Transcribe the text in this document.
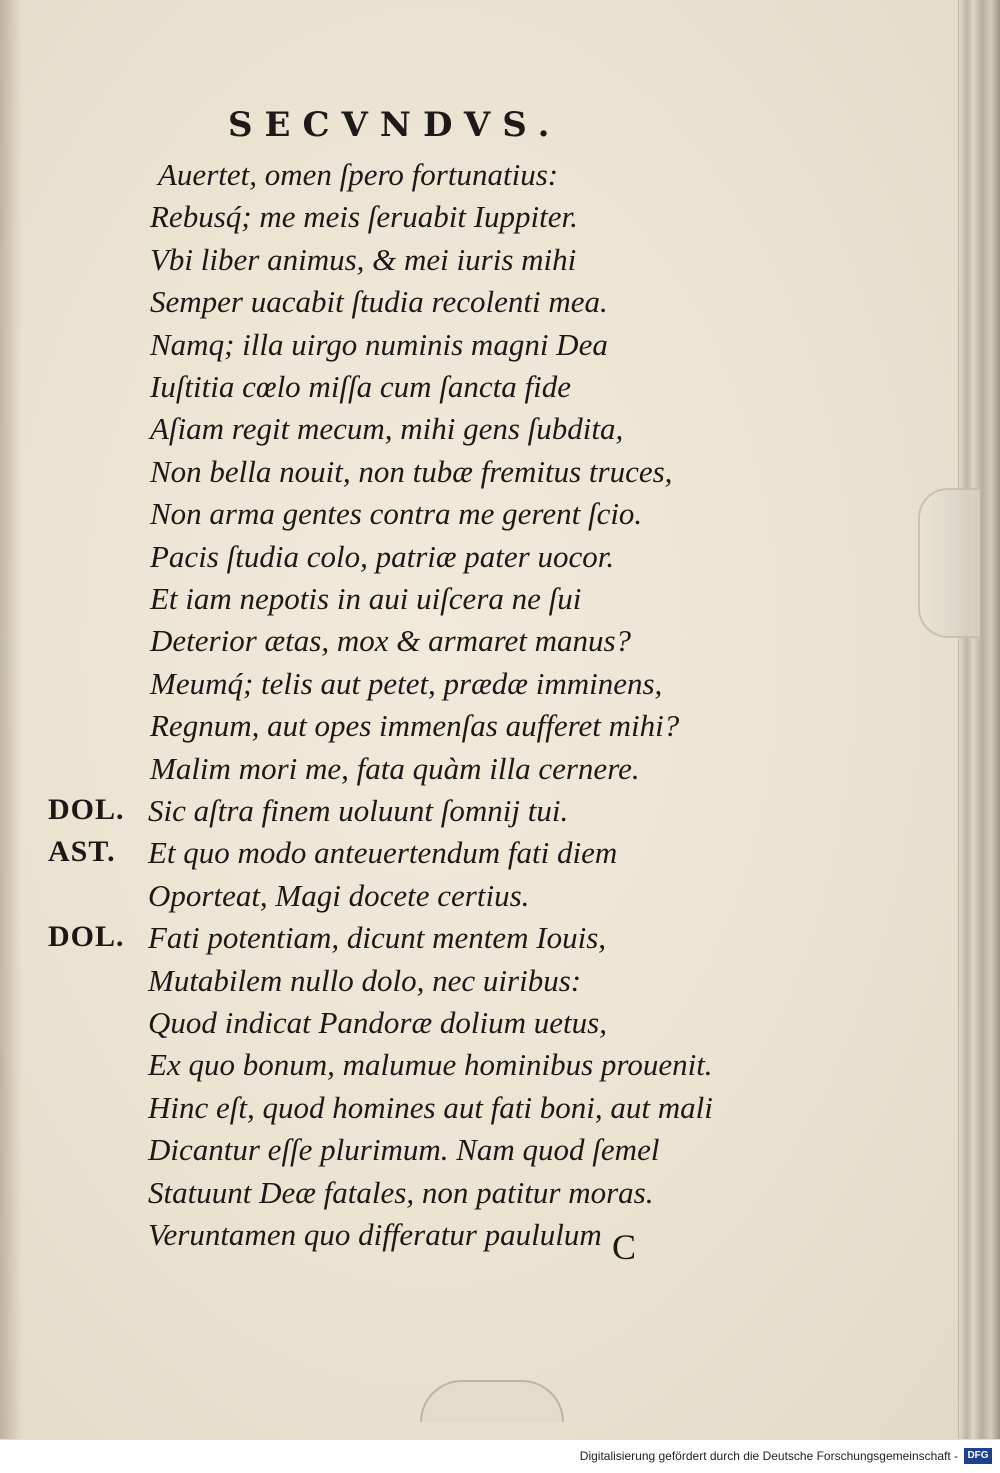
SECVNDVS.
Auertet, omen ſpero fortunatius:
Rebusq́; me meis ſeruabit Iuppiter.
Vbi liber animus, & mei iuris mihi
Semper uacabit ſtudia recolenti mea.
Namq; illa uirgo numinis magni Dea
Iuſtitia cœlo miſſa cum ſancta fide
Aſiam regit mecum, mihi gens ſubdita,
Non bella nouit, non tubæ fremitus truces,
Non arma gentes contra me gerent ſcio.
Pacis ſtudia colo, patriæ pater uocor.
Et iam nepotis in aui uiſcera ne ſui
Deterior ætas, mox & armaret manus?
Meumq́; telis aut petet, prædæ imminens,
Regnum, aut opes immenſas aufferet mihi?
Malim mori me, fata quàm illa cernere.
DOL. Sic aſtra finem uoluunt ſomnij tui.
AST. Et quo modo anteuertendum fati diem
Oporteat, Magi docete certius.
DOL. Fati potentiam, dicunt mentem Iouis,
Mutabilem nullo dolo, nec uiribus:
Quod indicat Pandoræ dolium uetus,
Ex quo bonum, malumue hominibus prouenit.
Hinc eſt, quod homines aut fati boni, aut mali
Dicantur eſſe plurimum. Nam quod ſemel
Statuunt Deæ fatales, non patitur moras.
Veruntamen quo differatur paululum C
Digitalisierung gefördert durch die Deutsche Forschungsgemeinschaft - DFG
